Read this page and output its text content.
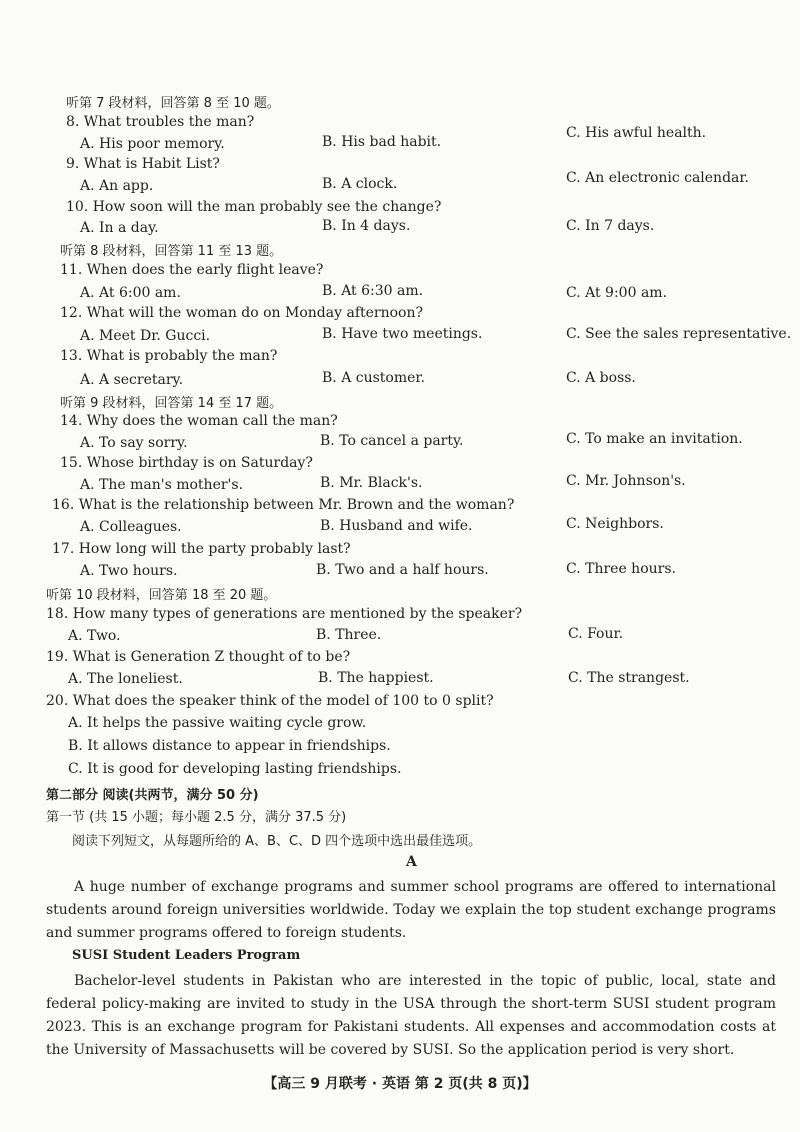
听第 7 段材料，回答第 8 至 10 题。
8. What troubles the man?
A. His poor memory.	B. His bad habit.
C. His awful health.
9. What is Habit List?
A. An app.	B. A clock.	C. An electronic calendar.
10. How soon will the man probably see the change?
A. In a day.	B. In 4 days.	C. In 7 days.
听第 8 段材料，回答第 11 至 13 题。
11. When does the early flight leave?
A. At 6:00 am.	B. At 6:30 am.	C. At 9:00 am.
12. What will the woman do on Monday afternoon?
A. Meet Dr. Gucci.	B. Have two meetings.	C. See the sales representative.
13. What is probably the man?
A. A secretary.	B. A customer.	C. A boss.
听第 9 段材料，回答第 14 至 17 题。
14. Why does the woman call the man?
A. To say sorry.	B. To cancel a party.	C. To make an invitation.
15. Whose birthday is on Saturday?
A. The man's mother's.	B. Mr. Black's.	C. Mr. Johnson's.
16. What is the relationship between Mr. Brown and the woman?
A. Colleagues.	B. Husband and wife.	C. Neighbors.
17. How long will the party probably last?
A. Two hours.	B. Two and a half hours.	C. Three hours.
听第 10 段材料，回答第 18 至 20 题。
18. How many types of generations are mentioned by the speaker?
A. Two.	B. Three.	C. Four.
19. What is Generation Z thought of to be?
A. The loneliest.	B. The happiest.	C. The strangest.
20. What does the speaker think of the model of 100 to 0 split?
A. It helps the passive waiting cycle grow.
B. It allows distance to appear in friendships.
C. It is good for developing lasting friendships.
第二部分 阅读(共两节，满分 50 分)
第一节 (共 15 小题；每小题 2.5 分，满分 37.5 分)
阅读下列短文，从每题所给的 A、B、C、D 四个选项中选出最佳选项。
A
A huge number of exchange programs and summer school programs are offered to international students around foreign universities worldwide. Today we explain the top student exchange programs and summer programs offered to foreign students.
SUSI Student Leaders Program
Bachelor-level students in Pakistan who are interested in the topic of public, local, state and federal policy-making are invited to study in the USA through the short-term SUSI student program 2023. This is an exchange program for Pakistani students. All expenses and accommodation costs at the University of Massachusetts will be covered by SUSI. So the application period is very short.
【高三 9 月联考 · 英语 第 2 页(共 8 页)】
